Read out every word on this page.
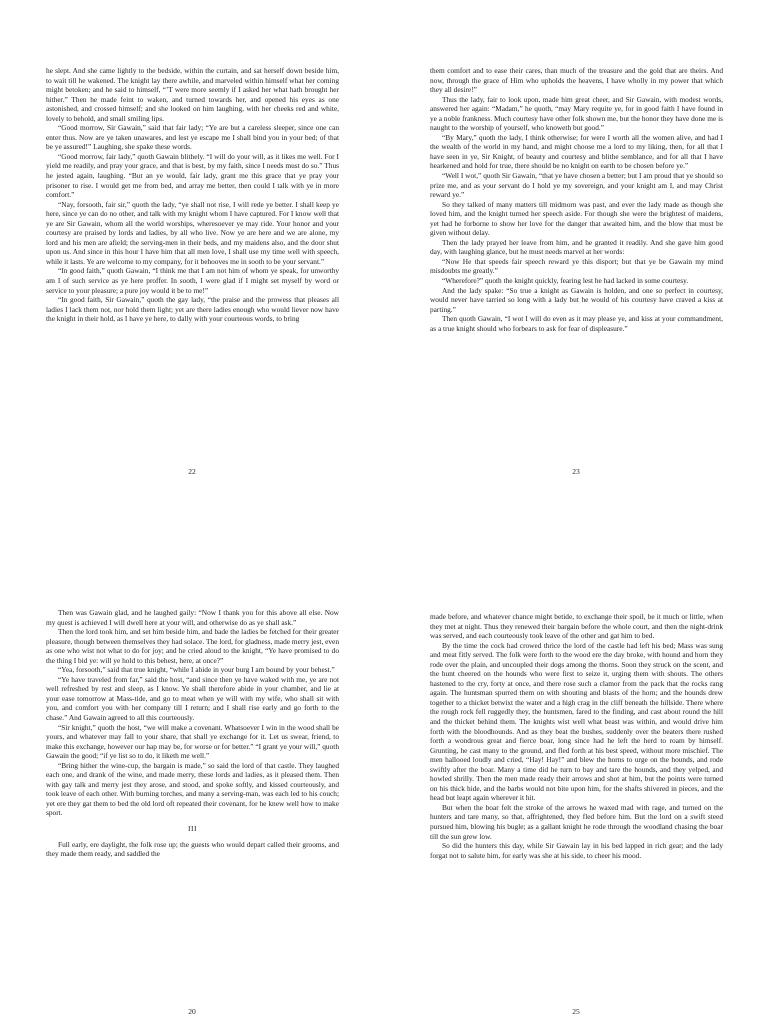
he slept. And she came lightly to the bedside, within the curtain, and sat herself down beside him, to wait till he wakened. The knight lay there awhile, and marveled within himself what her coming might betoken; and he said to himself, “’T were more seemly if I asked her what hath brought her hither.” Then he made feint to waken, and turned towards her, and opened his eyes as one astonished, and crossed himself; and she looked on him laughing, with her cheeks red and white, lovely to behold, and small smiling lips.

“Good morrow, Sir Gawain,” said that fair lady; “Ye are but a careless sleeper, since one can enter thus. Now are ye taken unawares, and lest ye escape me I shall bind you in your bed; of that be ye assured!” Laughing, she spake these words.

“Good morrow, fair lady,” quoth Gawain blithely. “I will do your will, as it likes me well. For I yield me readily, and pray your grace, and that is best, by my faith, since I needs must do so.” Thus he jested again, laughing. “But an ye would, fair lady, grant me this grace that ye pray your prisoner to rise. I would get me from bed, and array me better, then could I talk with ye in more comfort.”

“Nay, forsooth, fair sir,” quoth the lady, “ye shall not rise, I will rede ye better. I shall keep ye here, since ye can do no other, and talk with my knight whom I have captured. For I know well that ye are Sir Gawain, whom all the world worships, wheresoever ye may ride. Your honor and your courtesy are praised by lords and ladies, by all who live. Now ye are here and we are alone, my lord and his men are afield; the serving-men in their beds, and my maidens also, and the door shut upon us. And since in this hour I have him that all men love, I shall use my time well with speech, while it lasts. Ye are welcome to my company, for it behooves me in sooth to be your servant.”

“In good faith,” quoth Gawain, “I think me that I am not him of whom ye speak, for unworthy am I of such service as ye here proffer. In sooth, I were glad if I might set myself by word or service to your pleasure; a pure joy would it be to me!”

“In good faith, Sir Gawain,” quoth the gay lady, “the praise and the prowess that pleases all ladies I lack them not, nor hold them light; yet are there ladies enough who would liever now have the knight in their hold, as I have ye here, to dally with your courteous words, to bring

22

them comfort and to ease their cares, than much of the treasure and the gold that are theirs. And now, through the grace of Him who upholds the heavens, I have wholly in my power that which they all desire!”

Thus the lady, fair to look upon, made him great cheer, and Sir Gawain, with modest words, answered her again: “Madam,” he quoth, “may Mary requite ye, for in good faith I have found in ye a noble frankness. Much courtesy have other folk shown me, but the honor they have done me is naught to the worship of yourself, who knoweth but good.”

“By Mary,” quoth the lady, I think otherwise; for were I worth all the women alive, and had I the wealth of the world in my hand, and might choose me a lord to my liking, then, for all that I have seen in ye, Sir Knight, of beauty and courtesy and blithe semblance, and for all that I have hearkened and hold for true, there should be no knight on earth to be chosen before ye.”

“Well I wot,” quoth Sir Gawain, “that ye have chosen a better; but I am proud that ye should so prize me, and as your servant do I hold ye my sovereign, and your knight am I, and may Christ reward ye.”

So they talked of many matters till midmorn was past, and ever the lady made as though she loved him, and the knight turned her speech aside. For though she were the brightest of maidens, yet had he forborne to show her love for the danger that awaited him, and the blow that must be given without delay.

Then the lady prayed her leave from him, and he granted it readily. And she gave him good day, with laughing glance, but he must needs marvel at her words:

“Now He that speeds fair speech reward ye this disport; but that ye be Gawain my mind misdoubts me greatly.”

“Wherefore?” quoth the knight quickly, fearing lest he had lacked in some courtesy.

And the lady spake: “So true a knight as Gawain is holden, and one so perfect in courtesy, would never have tarried so long with a lady but he would of his courtesy have craved a kiss at parting.”

Then quoth Gawain, “I wot I will do even as it may please ye, and kiss at your commandment, as a true knight should who forbears to ask for fear of displeasure.”

23

Then was Gawain glad, and he laughed gaily: “Now I thank you for this above all else. Now my quest is achieved I will dwell here at your will, and otherwise do as ye shall ask.”

Then the lord took him, and set him beside him, and bade the ladies be fetched for their greater pleasure, though between themselves they had solace. The lord, for gladness, made merry jest, even as one who wist not what to do for joy; and he cried aloud to the knight, “Ye have promised to do the thing I bid ye: will ye hold to this behest, here, at once?”

“Yea, forsooth,” said that true knight, “while I abide in your burg I am bound by your behest.”

“Ye have traveled from far,” said the host, “and since then ye have waked with me, ye are not well refreshed by rest and sleep, as I know. Ye shall therefore abide in your chamber, and lie at your ease tomorrow at Mass-tide, and go to meat when ye will with my wife, who shall sit with you, and comfort you with her company till I return; and I shall rise early and go forth to the chase.” And Gawain agreed to all this courteously.

“Sir knight,” quoth the host, “we will make a covenant. Whatsoever I win in the wood shall be yours, and whatever may fall to your share, that shall ye exchange for it. Let us swear, friend, to make this exchange, however our hap may be, for worse or for better.” “I grant ye your will,” quoth Gawain the good; “if ye list so to do, it liketh me well.”

“Bring hither the wine-cup, the bargain is made,” so said the lord of that castle. They laughed each one, and drank of the wine, and made merry, these lords and ladies, as it pleased them. Then with gay talk and merry jest they arose, and stood, and spoke softly, and kissed courteously, and took leave of each other. With burning torches, and many a serving-man, was each led to his couch; yet ere they gat them to bed the old lord oft repeated their covenant, for he knew well how to make sport.

III

Full early, ere daylight, the folk rose up; the guests who would depart called their grooms, and they made them ready, and saddled the

20

made before, and whatever chance might betide, to exchange their spoil, be it much or little, when they met at night. Thus they renewed their bargain before the whole court, and then the night-drink was served, and each courteously took leave of the other and gat him to bed.

By the time the cock had crowed thrice the lord of the castle had left his bed; Mass was sung and meat fitly served. The folk were forth to the wood ere the day broke, with hound and horn they rode over the plain, and uncoupled their dogs among the thorns. Soon they struck on the scent, and the hunt cheered on the hounds who were first to seize it, urging them with shouts. The others hastened to the cry, forty at once, and there rose such a clamor from the pack that the rocks rang again. The huntsman spurred them on with shouting and blasts of the horn; and the hounds drew together to a thicket betwixt the water and a high crag in the cliff beneath the hillside. There where the rough rock fell ruggedly they, the huntsmen, fared to the finding, and cast about round the hill and the thicket behind them. The knights wist well what beast was within, and would drive him forth with the bloodhounds. And as they beat the bushes, suddenly over the beaters there rushed forth a wondrous great and fierce boar, long since had he left the herd to roam by himself. Grunting, he cast many to the ground, and fled forth at his best speed, without more mischief. The men hallooed loudly and cried, “Hay! Hay!” and blew the horns to urge on the hounds, and rode swiftly after the boar. Many a time did he turn to bay and tare the hounds, and they yelped, and howled shrilly. Then the men made ready their arrows and shot at him, but the points were turned on his thick hide, and the barbs would not bite upon him, for the shafts shivered in pieces, and the head but leapt again wherever it hit.

But when the boar felt the stroke of the arrows he waxed mad with rage, and turned on the hunters and tare many, so that, affrightened, they fled before him. But the lord on a swift steed pursued him, blowing his bugle; as a gallant knight he rode through the woodland chasing the boar till the sun grew low.

So did the hunters this day, while Sir Gawain lay in his bed lapped in rich gear; and the lady forgat not to salute him, for early was she at his side, to cheer his mood.

25
